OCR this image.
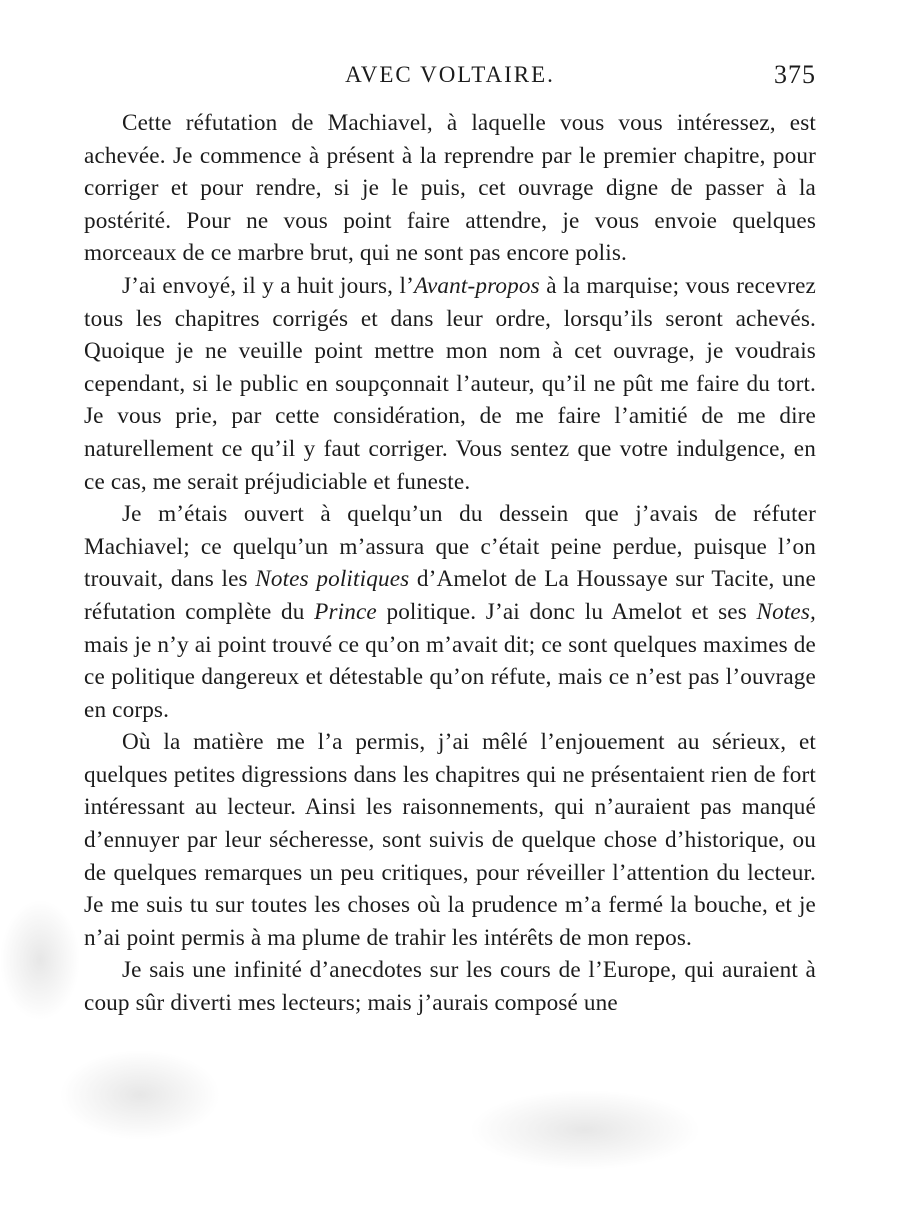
AVEC VOLTAIRE.	375

Cette réfutation de Machiavel, à laquelle vous vous intéressez, est achevée. Je commence à présent à la reprendre par le premier chapitre, pour corriger et pour rendre, si je le puis, cet ouvrage digne de passer à la postérité. Pour ne vous point faire attendre, je vous envoie quelques morceaux de ce marbre brut, qui ne sont pas encore polis.

J’ai envoyé, il y a huit jours, l’Avant-propos à la marquise; vous recevrez tous les chapitres corrigés et dans leur ordre, lorsqu’ils seront achevés. Quoique je ne veuille point mettre mon nom à cet ouvrage, je voudrais cependant, si le public en soupçonnait l’auteur, qu’il ne pût me faire du tort. Je vous prie, par cette considération, de me faire l’amitié de me dire naturellement ce qu’il y faut corriger. Vous sentez que votre indulgence, en ce cas, me serait préjudiciable et funeste.

Je m’étais ouvert à quelqu’un du dessein que j’avais de réfuter Machiavel; ce quelqu’un m’assura que c’était peine perdue, puisque l’on trouvait, dans les Notes politiques d’Amelot de La Houssaye sur Tacite, une réfutation complète du Prince politique. J’ai donc lu Amelot et ses Notes, mais je n’y ai point trouvé ce qu’on m’avait dit; ce sont quelques maximes de ce politique dangereux et détestable qu’on réfute, mais ce n’est pas l’ouvrage en corps.

Où la matière me l’a permis, j’ai mêlé l’enjouement au sérieux, et quelques petites digressions dans les chapitres qui ne présentaient rien de fort intéressant au lecteur. Ainsi les raisonnements, qui n’auraient pas manqué d’ennuyer par leur sécheresse, sont suivis de quelque chose d’historique, ou de quelques remarques un peu critiques, pour réveiller l’attention du lecteur. Je me suis tu sur toutes les choses où la prudence m’a fermé la bouche, et je n’ai point permis à ma plume de trahir les intérêts de mon repos.

Je sais une infinité d’anecdotes sur les cours de l’Europe, qui auraient à coup sûr diverti mes lecteurs; mais j’aurais composé une
